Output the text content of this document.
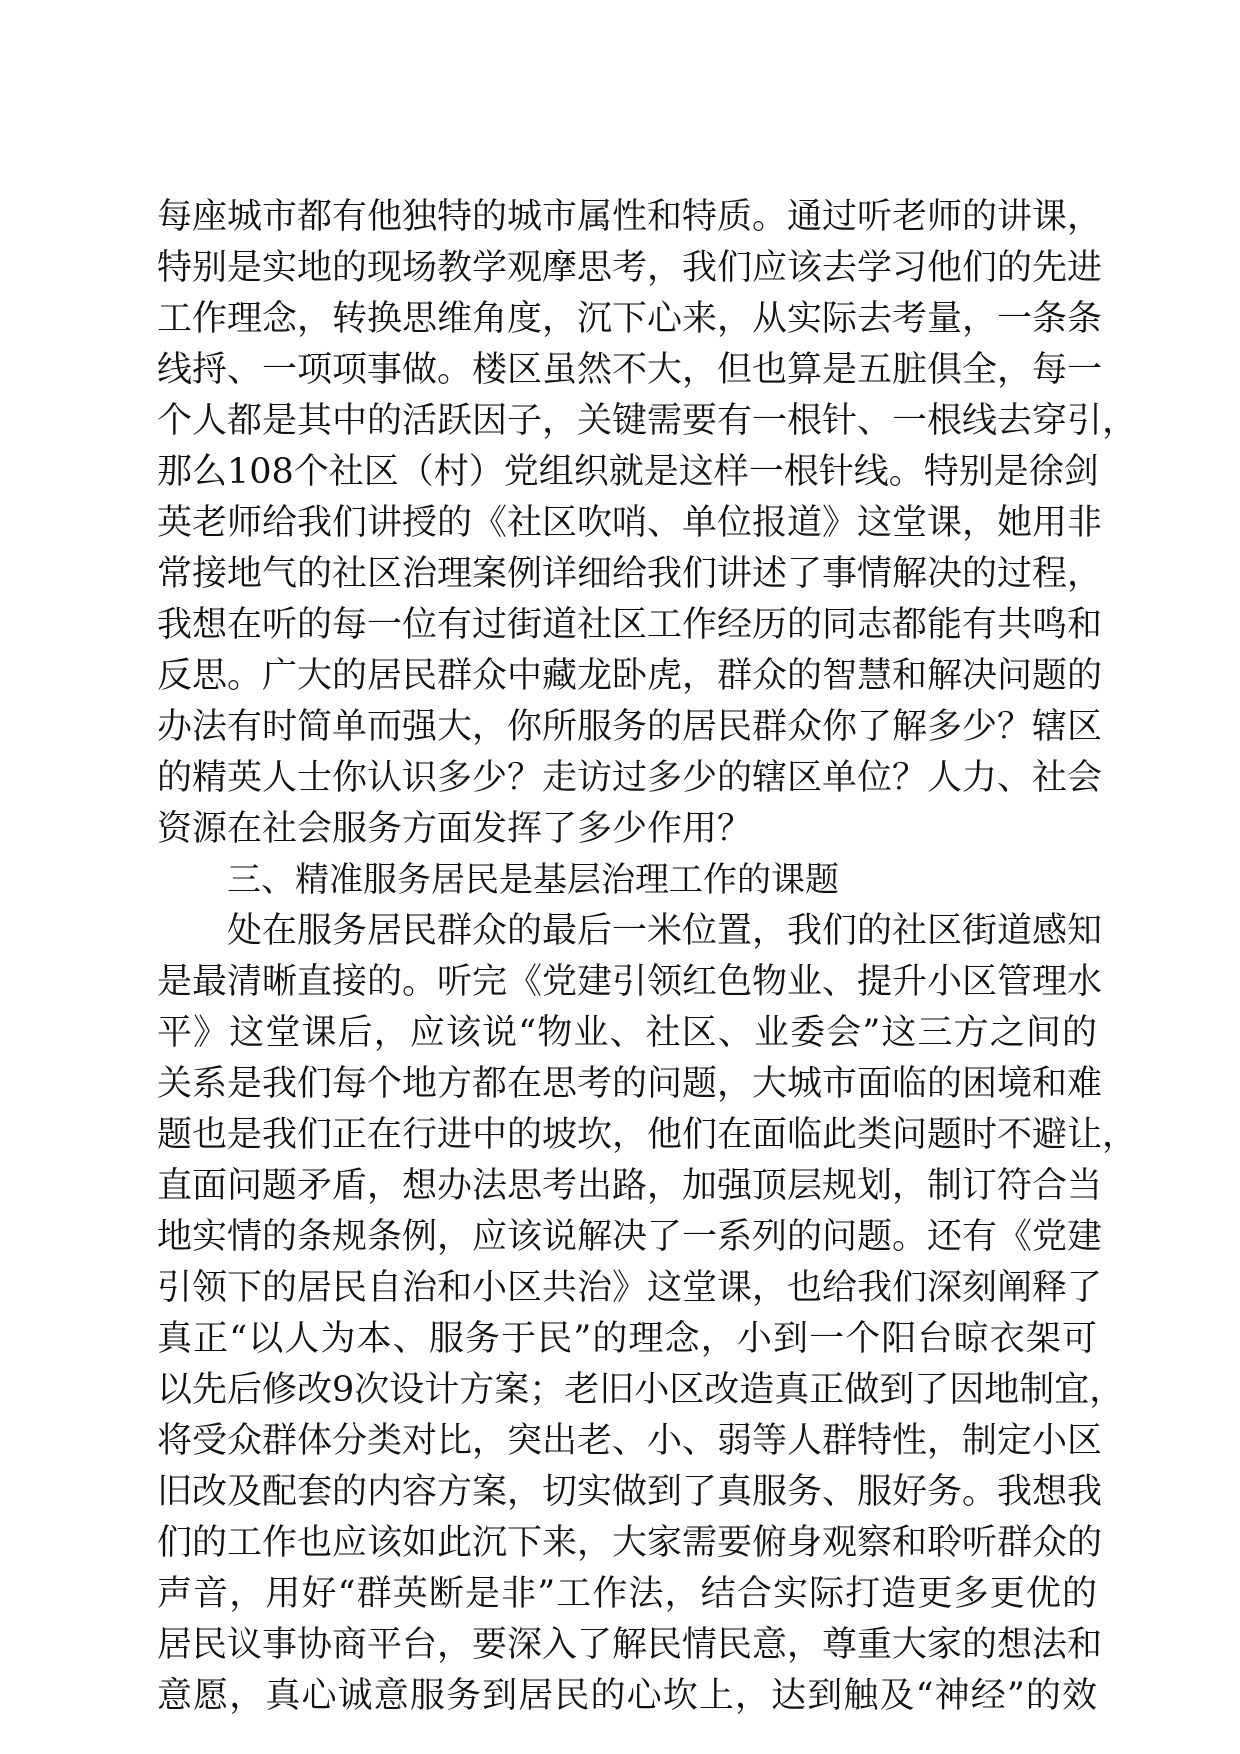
每座城市都有他独特的城市属性和特质。通过听老师的讲课，
特别是实地的现场教学观摩思考，我们应该去学习他们的先进
工作理念，转换思维角度，沉下心来，从实际去考量，一条条
线捋、一项项事做。楼区虽然不大，但也算是五脏俱全，每一
个人都是其中的活跃因子，关键需要有一根针、一根线去穿引，
那么108个社区（村）党组织就是这样一根针线。特别是徐剑
英老师给我们讲授的《社区吹哨、单位报道》这堂课，她用非
常接地气的社区治理案例详细给我们讲述了事情解决的过程，
我想在听的每一位有过街道社区工作经历的同志都能有共鸣和
反思。广大的居民群众中藏龙卧虎，群众的智慧和解决问题的
办法有时简单而强大，你所服务的居民群众你了解多少？辖区
的精英人士你认识多少？走访过多少的辖区单位？人力、社会
资源在社会服务方面发挥了多少作用？
三、精准服务居民是基层治理工作的课题
处在服务居民群众的最后一米位置，我们的社区街道感知
是最清晰直接的。听完《党建引领红色物业、提升小区管理水
平》这堂课后，应该说“物业、社区、业委会”这三方之间的
关系是我们每个地方都在思考的问题，大城市面临的困境和难
题也是我们正在行进中的坡坎，他们在面临此类问题时不避让，
直面问题矛盾，想办法思考出路，加强顶层规划，制订符合当
地实情的条规条例，应该说解决了一系列的问题。还有《党建
引领下的居民自治和小区共治》这堂课，也给我们深刻阐释了
真正“以人为本、服务于民”的理念，小到一个阳台晾衣架可
以先后修改9次设计方案；老旧小区改造真正做到了因地制宜，
将受众群体分类对比，突出老、小、弱等人群特性，制定小区
旧改及配套的内容方案，切实做到了真服务、服好务。我想我
们的工作也应该如此沉下来，大家需要俯身观察和聆听群众的
声音，用好“群英断是非”工作法，结合实际打造更多更优的
居民议事协商平台，要深入了解民情民意，尊重大家的想法和
意愿，真心诚意服务到居民的心坎上，达到触及“神经”的效
